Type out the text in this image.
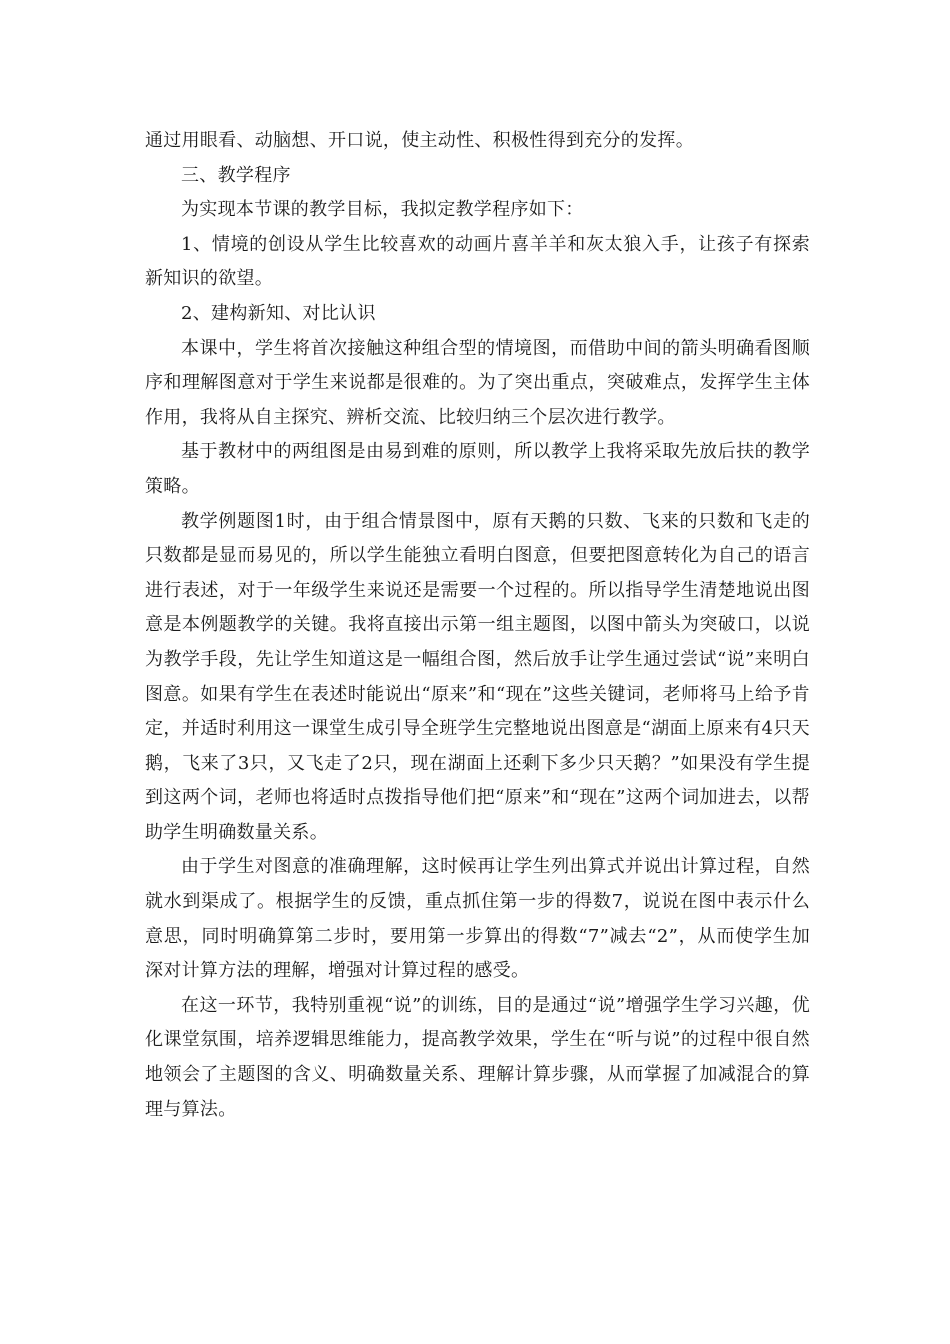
通过用眼看、动脑想、开口说，使主动性、积极性得到充分的发挥。

三、教学程序

为实现本节课的教学目标，我拟定教学程序如下：

1、情境的创设从学生比较喜欢的动画片喜羊羊和灰太狼入手，让孩子有探索新知识的欲望。

2、建构新知、对比认识

本课中，学生将首次接触这种组合型的情境图，而借助中间的箭头明确看图顺序和理解图意对于学生来说都是很难的。为了突出重点，突破难点，发挥学生主体作用，我将从自主探究、辨析交流、比较归纳三个层次进行教学。

基于教材中的两组图是由易到难的原则，所以教学上我将采取先放后扶的教学策略。

教学例题图1时，由于组合情景图中，原有天鹅的只数、飞来的只数和飞走的只数都是显而易见的，所以学生能独立看明白图意，但要把图意转化为自己的语言进行表述，对于一年级学生来说还是需要一个过程的。所以指导学生清楚地说出图意是本例题教学的关键。我将直接出示第一组主题图，以图中箭头为突破口，以说为教学手段，先让学生知道这是一幅组合图，然后放手让学生通过尝试“说”来明白图意。如果有学生在表述时能说出“原来”和“现在”这些关键词，老师将马上给予肯定，并适时利用这一课堂生成引导全班学生完整地说出图意是“湖面上原来有4只天鹅，飞来了3只，又飞走了2只，现在湖面上还剩下多少只天鹅？”如果没有学生提到这两个词，老师也将适时点拨指导他们把“原来”和“现在”这两个词加进去，以帮助学生明确数量关系。

由于学生对图意的准确理解，这时候再让学生列出算式并说出计算过程，自然就水到渠成了。根据学生的反馈，重点抓住第一步的得数7，说说在图中表示什么意思，同时明确算第二步时，要用第一步算出的得数“7”减去“2”，从而使学生加深对计算方法的理解，增强对计算过程的感受。

在这一环节，我特别重视“说”的训练，目的是通过“说”增强学生学习兴趣，优化课堂氛围，培养逻辑思维能力，提高教学效果，学生在“听与说”的过程中很自然地领会了主题图的含义、明确数量关系、理解计算步骤，从而掌握了加减混合的算理与算法。
